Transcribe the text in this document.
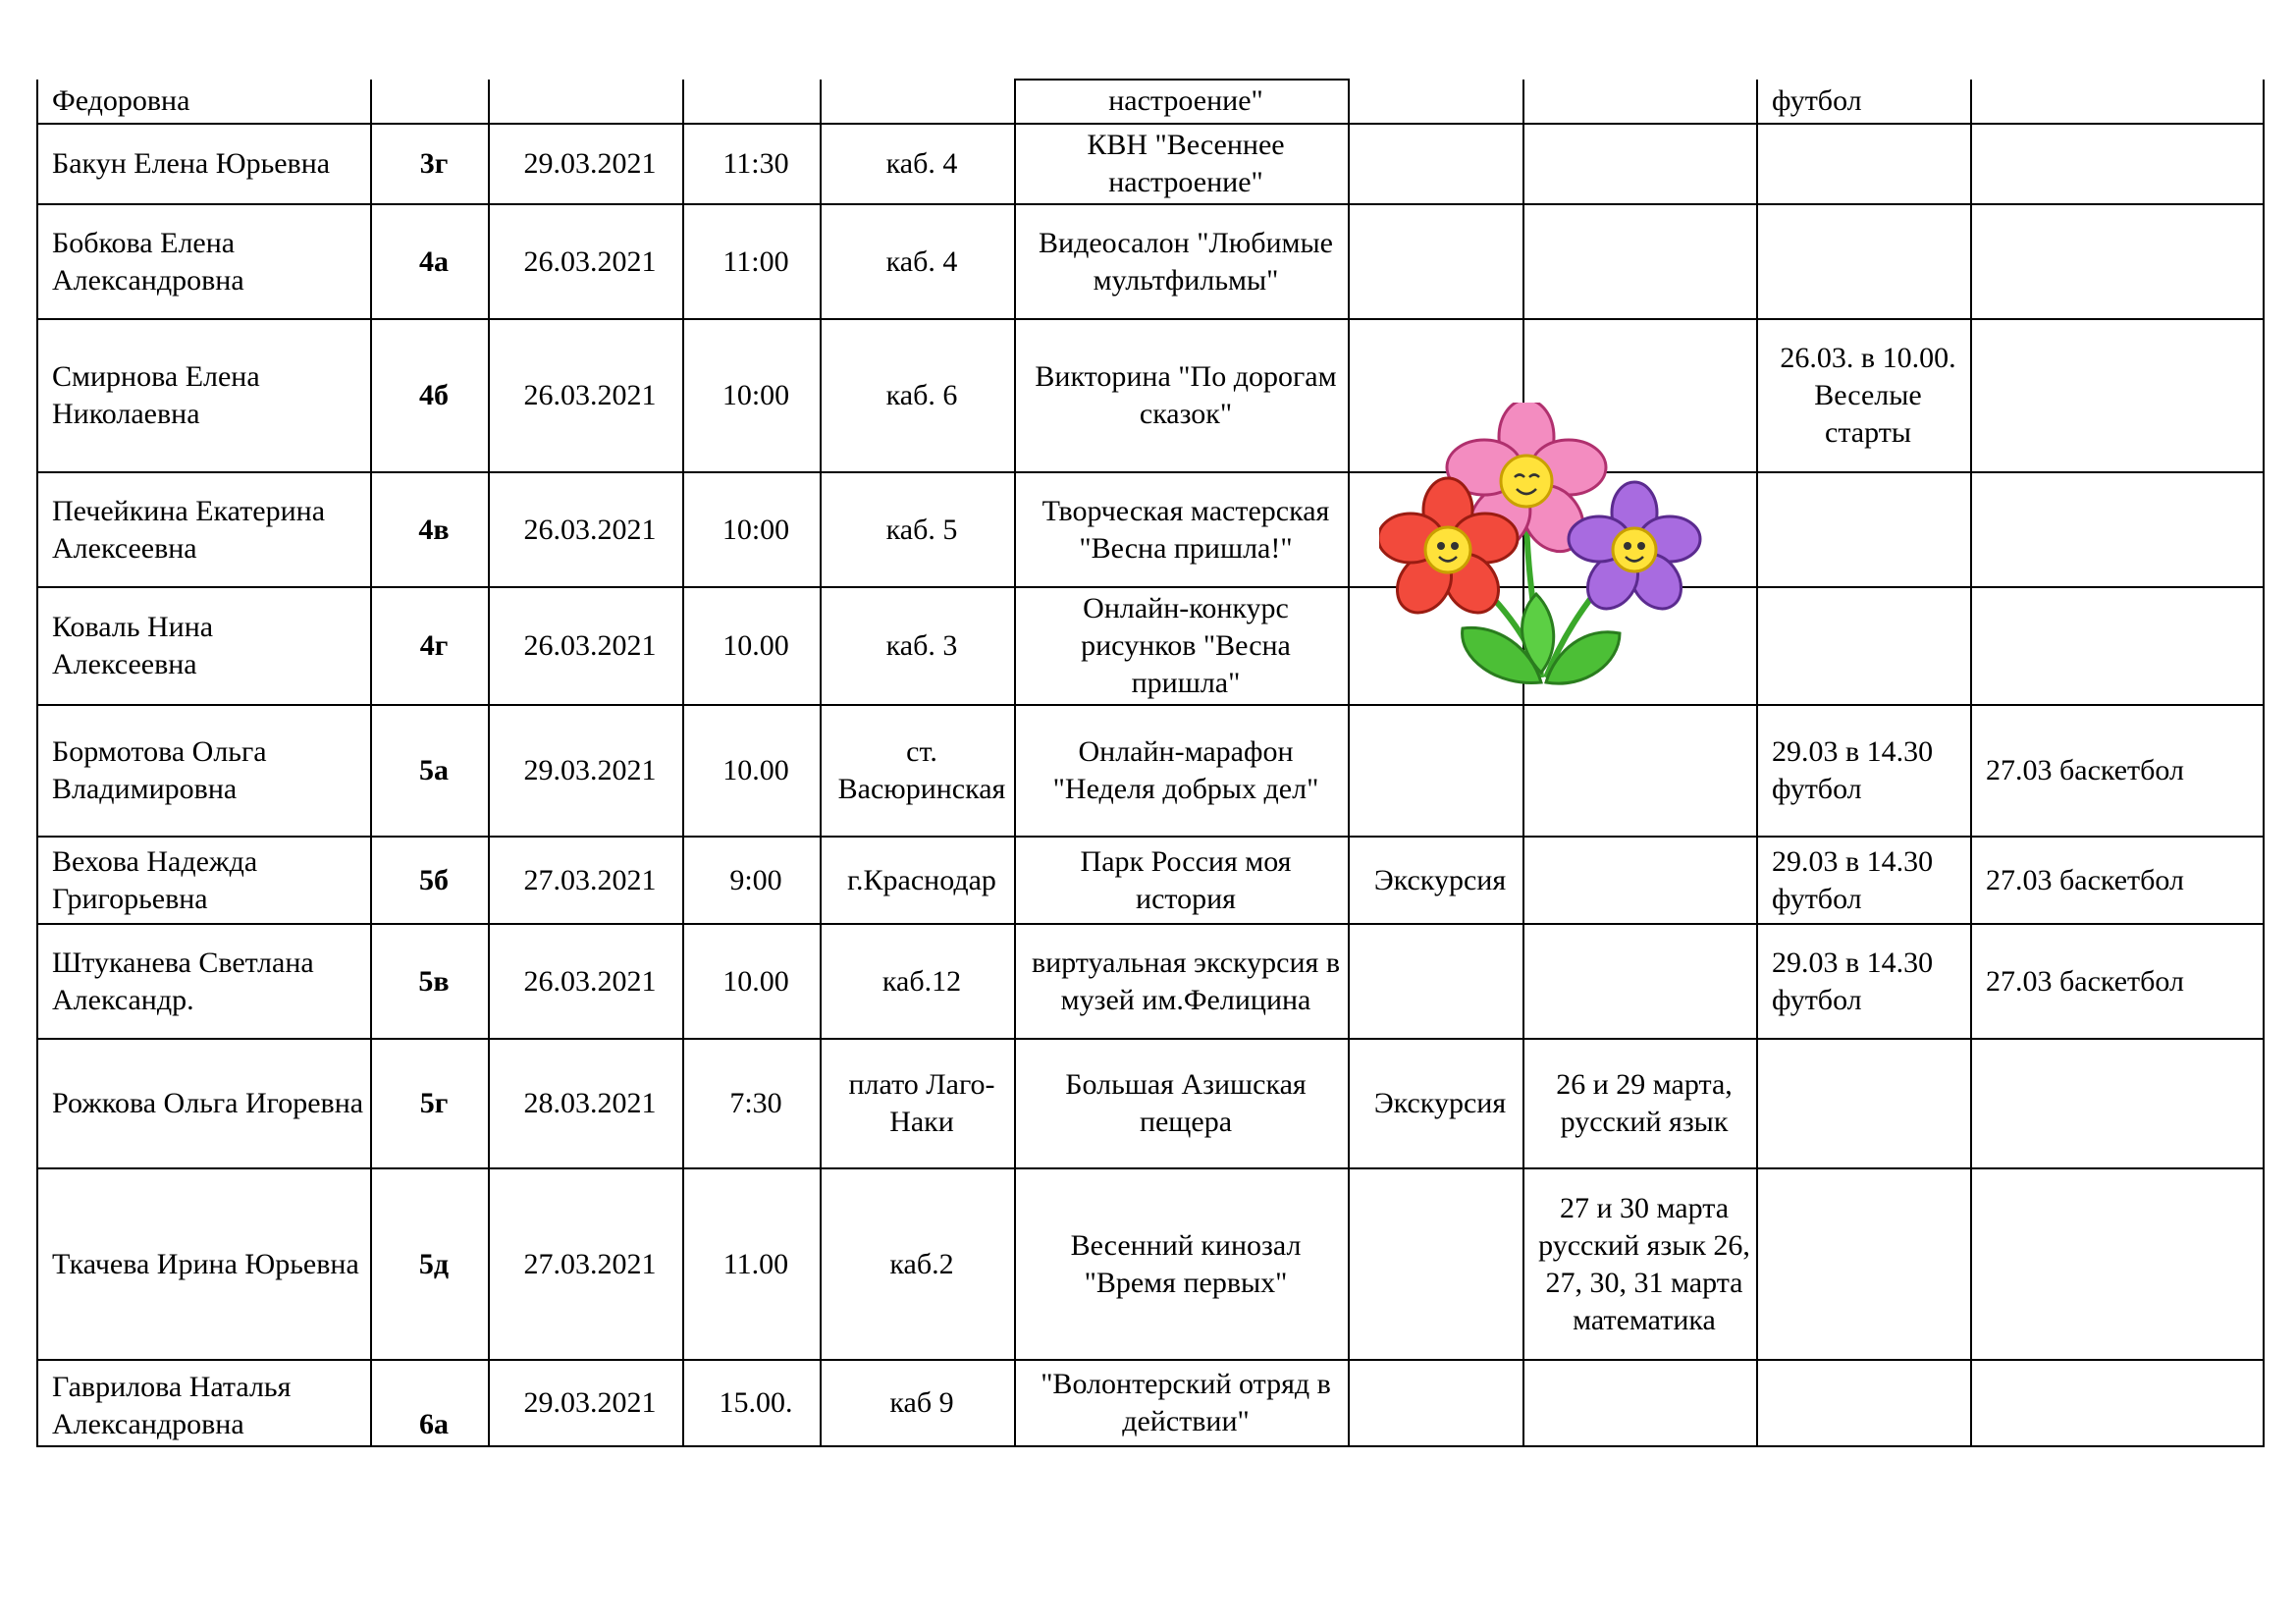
Федоровна					настроение"			футбол	
Бакун Елена Юрьевна	3г	29.03.2021	11:30	каб. 4	КВН "Весеннее настроение"				
Бобкова Елена Александровна	4а	26.03.2021	11:00	каб. 4	Видеосалон "Любимые мультфильмы"				
Смирнова Елена Николаевна	4б	26.03.2021	10:00	каб. 6	Викторина "По дорогам сказок"			26.03. в 10.00. Веселые старты	
Печейкина Екатерина Алексеевна	4в	26.03.2021	10:00	каб. 5	Творческая мастерская "Весна пришла!"				
Коваль Нина Алексеевна	4г	26.03.2021	10.00	каб. 3	Онлайн-конкурс рисунков "Весна пришла"				
Бормотова Ольга Владимировна	5а	29.03.2021	10.00	ст. Васюринская	Онлайн-марафон "Неделя добрых дел"			29.03 в 14.30 футбол	27.03 баскетбол
Вехова Надежда Григорьевна	5б	27.03.2021	9:00	г.Краснодар	Парк Россия моя история	Экскурсия		29.03 в 14.30 футбол	27.03 баскетбол
Штуканева Светлана Александр.	5в	26.03.2021	10.00	каб.12	виртуальная экскурсия в музей им.Фелицина			29.03 в 14.30 футбол	27.03 баскетбол
Рожкова Ольга Игоревна	5г	28.03.2021	7:30	плато Лаго-Наки	Большая Азишская пещера	Экскурсия	26 и 29 марта, русский язык		
Ткачева Ирина Юрьевна	5д	27.03.2021	11.00	каб.2	Весенний кинозал "Время первых"		27 и 30 марта русский язык 26, 27, 30, 31 марта математика		
Гаврилова Наталья Александровна	6а	29.03.2021	15.00.	каб 9	"Волонтерский отряд в действии"				
